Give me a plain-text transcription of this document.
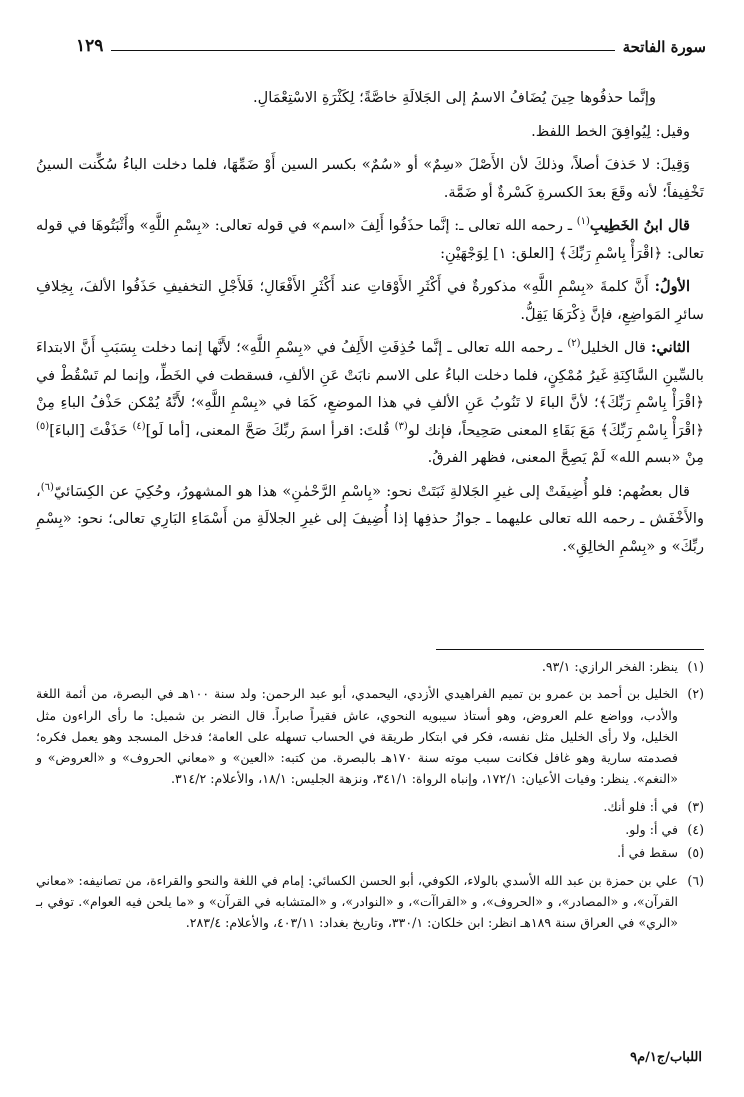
سورة الفاتحة
١٢٩

وإنَّما حذفُوها حِينَ يُضَافُ الاسمُ إلى الجَلالَةِ خاصَّةً؛ لِكَثْرَةِ الاسْتِعْمَالِ.

وقيل: لِيُوافِقَ الخط اللفظ.

وَقِيلَ: لا حَذفَ أصلاً، وذلكَ لأن الأَصْلَ «سِمٌ» أو «سُمٌ» بكسر السين أَوْ ضَمِّهَا، فلما دخلت الباءُ سُكِّنت السينُ تَخْفِيفاً؛ لأنه وقَعَ بعدَ الكسرةِ كَسْرةٌ أو ضَمَّة.

قال ابنُ الخَطِيبِ$^{(١)}$ ـ رحمه الله تعالى ـ: إنَّما حذَفُوا أَلِفَ «اسم» في قوله تعالى: «بِسْمِ اللَّهِ» وأَثْبَتُوهَا في قوله تعالى: ﴿اقْرَأْ بِاسْمِ رَبِّكَ﴾ [العلق: ١] لِوَجْهَيْنِ:

الأولُ: أَنَّ كلمةَ «بِسْمِ اللَّهِ» مذكورةٌ في أَكْثَرِ الأَوْقاتِ عند أَكْثَرِ الأَفْعَالِ؛ فَلأَجْلِ التخفيفِ حَذَفُوا الألفَ، بِخِلافِ سائرِ المَواضِعِ، فإنَّ ذِكْرَهَا يَقِلُّ.

الثاني: قال الخليل$^{(٢)}$ ـ رحمه الله تعالى ـ إنَّما حُذِفَتِ الأَلِفُ في «بِسْمِ اللَّهِ»؛ لأَنَّها إنما دخلت بِسَبَبِ أَنَّ الابتداءَ بالسِّينِ السَّاكِنَةِ غَيرُ مُمْكِنٍ، فلما دخلت الباءُ على الاسم نابَتْ عَنِ الألفِ، فسقطت في الخَطِّ، وإنما لم تَسْقُطْ في ﴿اقْرَأْ بِاسْمِ رَبِّكَ﴾؛ لأنَّ الباءَ لا تَنُوبُ عَنِ الألفِ في هذا الموضعِ، كَمَا في «بِسْمِ اللَّهِ»؛ لأَنَّهُ يُمْكن حَذْفُ الباءِ مِنْ ﴿اقْرَأْ بِاسْمِ رَبِّكَ﴾ مَعَ بَقَاءِ المعنى صَحِيحاً، فإنك لو$^{(٣)}$ قُلتَ: اقرأ اسمَ ربِّكَ صَحَّ المعنى، [أما لَو]$^{(٤)}$ حَذَفْتَ [الباءَ]$^{(٥)}$ مِنْ «بسم الله» لَمْ يَصِحَّ المعنى، فظهر الفرقُ.

قال بعضُهم: فلو أُضِيفَتْ إلى غيرِ الجَلالةِ ثَبَتَتْ نحو: «بِاسْمِ الرَّحْمٰنِ» هذا هو المشهورُ، وحُكِيَ عن الكِسَائيّ$^{(٦)}$، والأَخْفَش ـ رحمه الله تعالى عليهما ـ جوازُ حذفِها إذا أُضِيفَ إلى غيرِ الجلالَةِ من أَسْمَاءِ البَارِي تعالى؛ نحو: «بِسْمِ ربِّكَ» و «بِسْمِ الخالِقِ».

(١)
ينظر: الفخر الرازي: ٩٣/١.
(٢)
الخليل بن أحمد بن عمرو بن تميم الفراهيدي الأزدي، اليحمدي، أبو عبد الرحمن: ولد سنة ١٠٠هـ في البصرة، من أئمة اللغة والأدب، وواضع علم العروض، وهو أستاذ سيبويه النحوي، عاش فقيراً صابراً. قال النضر بن شميل: ما رأى الراءون مثل الخليل، ولا رأى الخليل مثل نفسه، فكر في ابتكار طريقة في الحساب تسهله على العامة؛ فدخل المسجد وهو يعمل فكره؛ فصدمته سارية وهو غافل فكانت سبب موته سنة ١٧٠هـ بالبصرة. من كتبه: «العين» و «معاني الحروف» و «العروض» و «النغم». ينظر: وفيات الأعيان: ١٧٢/١، وإنباه الرواة: ٣٤١/١، ونزهة الجليس: ١٨/١، والأعلام: ٣١٤/٢.
(٣)
في أ: فلو أنك.
(٤)
في أ: ولو.
(٥)
سقط في أ.
(٦)
علي بن حمزة بن عبد الله الأسدي بالولاء، الكوفي، أبو الحسن الكسائي: إمام في اللغة والنحو والقراءة، من تصانيفه: «معاني القرآن»، و «المصادر»، و «الحروف»، و «القراآت»، و «النوادر»، و «المتشابه في القرآن» و «ما يلحن فيه العوام». توفي بـ «الري» في العراق سنة ١٨٩هـ انظر: ابن خلكان: ٣٣٠/١، وتاريخ بغداد: ٤٠٣/١١، والأعلام: ٢٨٣/٤.
اللباب/ج١/م٩
